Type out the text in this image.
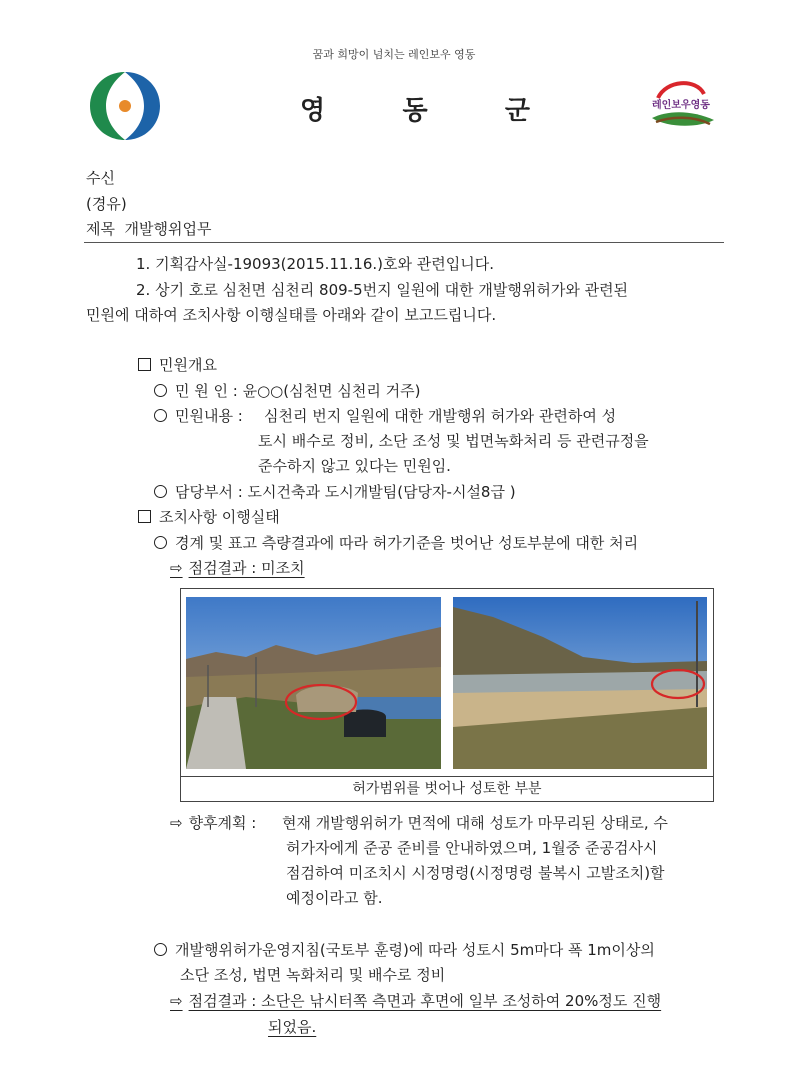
꿈과 희망이 넘치는 레인보우 영동
영	동	군	레인보우영동
수신
(경유)
제목 개발행위업무
1. 기획감사실-19093(2015.11.16.)호와 관련입니다.
2. 상기 호로 심천면 심천리 809-5번지 일원에 대한 개발행위허가와 관련된
민원에 대하여 조치사항 이행실태를 아래와 같이 보고드립니다.
민원개요
민 원 인 : 윤○○(심천면 심천리 거주)
민원내용 : 심천리 번지 일원에 대한 개발행위 허가와 관련하여 성
토시 배수로 정비, 소단 조성 및 법면녹화처리 등 관련규정을
준수하지 않고 있다는 민원임.
담당부서 : 도시건축과 도시개발팀(담당자-시설8급 )
조치사항 이행실태
경계 및 표고 측량결과에 따라 허가기준을 벗어난 성토부분에 대한 처리
⇨ 점검결과 : 미조치
허가범위를 벗어나 성토한 부분
⇨ 향후계획 : 현재 개발행위허가 면적에 대해 성토가 마무리된 상태로, 수
허가자에게 준공 준비를 안내하였으며, 1월중 준공검사시
점검하여 미조치시 시정명령(시정명령 불복시 고발조치)할
예정이라고 함.
개발행위허가운영지침(국토부 훈령)에 따라 성토시 5m마다 폭 1m이상의
소단 조성, 법면 녹화처리 및 배수로 정비
⇨ 점검결과 : 소단은 낚시터쪽 측면과 후면에 일부 조성하여 20%정도 진행
되었음.
